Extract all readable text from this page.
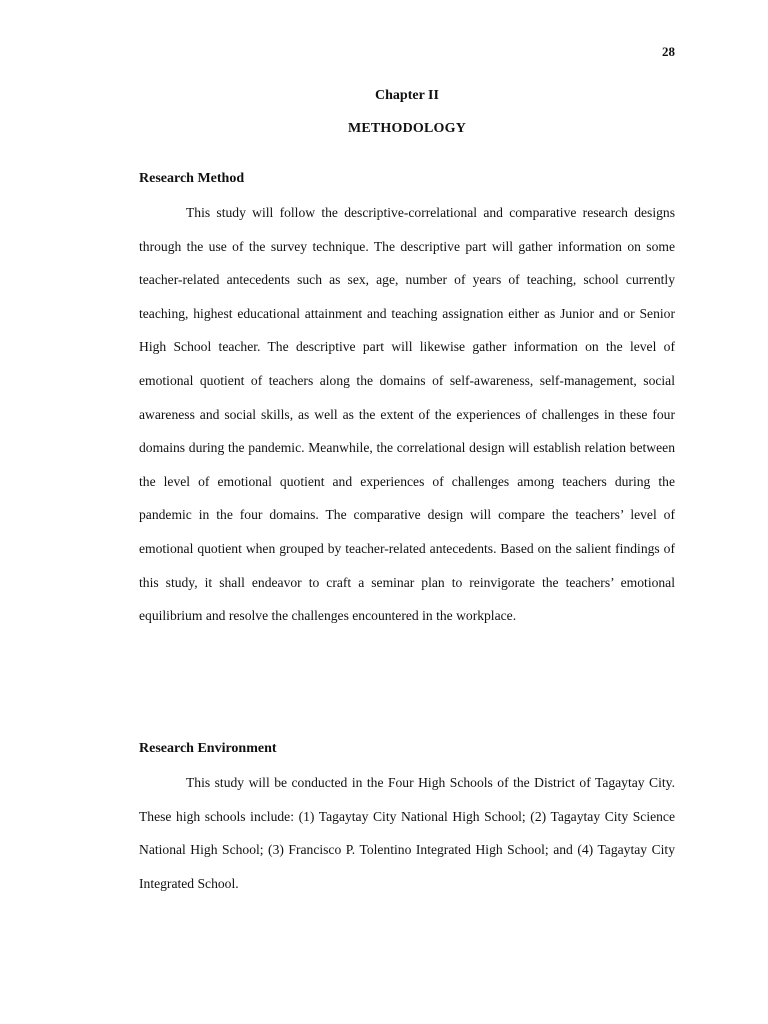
28
Chapter II
METHODOLOGY
Research Method

This study will follow the descriptive-correlational and comparative research designs through the use of the survey technique. The descriptive part will gather information on some teacher-related antecedents such as sex, age, number of years of teaching, school currently teaching, highest educational attainment and teaching assignation either as Junior and or Senior High School teacher. The descriptive part will likewise gather information on the level of emotional quotient of teachers along the domains of self-awareness, self-management, social awareness and social skills, as well as the extent of the experiences of challenges in these four domains during the pandemic. Meanwhile, the correlational design will establish relation between the level of emotional quotient and experiences of challenges among teachers during the pandemic in the four domains. The comparative design will compare the teachers’ level of emotional quotient when grouped by teacher-related antecedents. Based on the salient findings of this study, it shall endeavor to craft a seminar plan to reinvigorate the teachers’ emotional equilibrium and resolve the challenges encountered in the workplace.

Research Environment

This study will be conducted in the Four High Schools of the District of Tagaytay City. These high schools include: (1) Tagaytay City National High School; (2) Tagaytay City Science National High School; (3) Francisco P. Tolentino Integrated High School; and (4) Tagaytay City Integrated School.
